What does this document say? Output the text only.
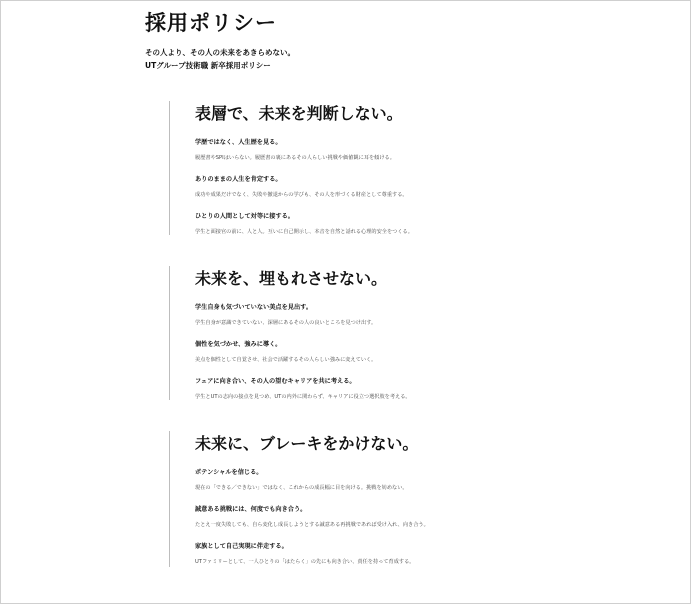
採用ポリシー
その人より、その人の未来をあきらめない。
UTグループ技術職 新卒採用ポリシー
表層で、未来を判断しない。
学歴ではなく、人生歴を見る。
履歴書やSPIはいらない。履歴書の裏にあるその人らしい挑戦や価値観に耳を傾ける。
ありのままの人生を肯定する。
成功や成果だけでなく、失敗や撤退からの学びも、その人を形づくる財産として尊重する。
ひとりの人間として対等に接する。
学生と面接官の前に、人と人。互いに自己開示し、本音を自然と話れる心理的安全をつくる。
未来を、埋もれさせない。
学生自身も気づいていない美点を見出す。
学生自身が意識できていない、深層にあるその人の良いところを見つけ出す。
個性を気づかせ、強みに導く。
美点を個性として自覚させ、社会で活躍するその人らしい強みに変えていく。
フェアに向き合い、その人の望むキャリアを共に考える。
学生とUTの志向の接点を見つめ、UTの内外に関わらず、キャリアに役立つ選択肢を考える。
未来に、ブレーキをかけない。
ポテンシャルを信じる。
現在の「できる／できない」ではなく、これからの成長幅に目を向ける。挑戦を妨めない。
誠意ある挑戦には、何度でも向き合う。
たとえ一度失敗しても、自ら変化し成長しようとする誠意ある再挑戦であれば受け入れ、向き合う。
家族として自己実現に伴走する。
UTファミリーとして、一人ひとりの「はたらく」の先にも向き合い、責任を持って育成する。
